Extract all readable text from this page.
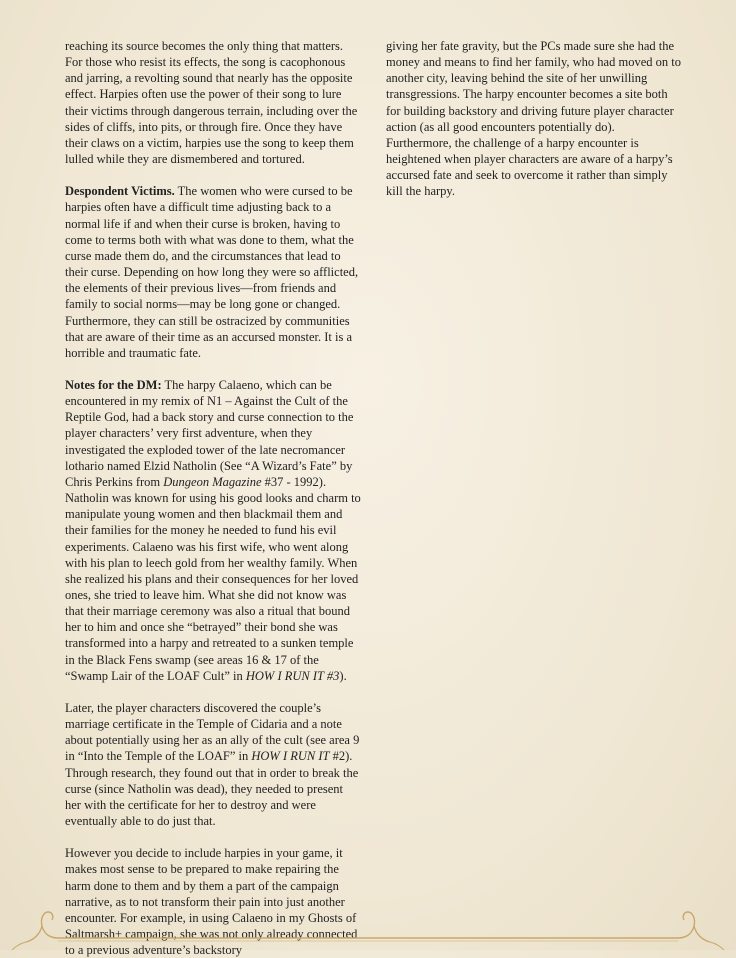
reaching its source becomes the only thing that matters. For those who resist its effects, the song is cacophonous and jarring, a revolting sound that nearly has the opposite effect. Harpies often use the power of their song to lure their victims through dangerous terrain, including over the sides of cliffs, into pits, or through fire. Once they have their claws on a victim, harpies use the song to keep them lulled while they are dismembered and tortured.

Despondent Victims. The women who were cursed to be harpies often have a difficult time adjusting back to a normal life if and when their curse is broken, having to come to terms both with what was done to them, what the curse made them do, and the circumstances that lead to their curse. Depending on how long they were so afflicted, the elements of their previous lives—from friends and family to social norms—may be long gone or changed. Furthermore, they can still be ostracized by communities that are aware of their time as an accursed monster. It is a horrible and traumatic fate.

Notes for the DM: The harpy Calaeno, which can be encountered in my remix of N1 – Against the Cult of the Reptile God, had a back story and curse connection to the player characters’ very first adventure, when they investigated the exploded tower of the late necromancer lothario named Elzid Natholin (See “A Wizard’s Fate” by Chris Perkins from Dungeon Magazine #37 - 1992). Natholin was known for using his good looks and charm to manipulate young women and then blackmail them and their families for the money he needed to fund his evil experiments. Calaeno was his first wife, who went along with his plan to leech gold from her wealthy family. When she realized his plans and their consequences for her loved ones, she tried to leave him. What she did not know was that their marriage ceremony was also a ritual that bound her to him and once she “betrayed” their bond she was transformed into a harpy and retreated to a sunken temple in the Black Fens swamp (see areas 16 & 17 of the “Swamp Lair of the LOAF Cult” in HOW I RUN IT #3).

Later, the player characters discovered the couple’s marriage certificate in the Temple of Cidaria and a note about potentially using her as an ally of the cult (see area 9 in “Into the Temple of the LOAF” in HOW I RUN IT #2). Through research, they found out that in order to break the curse (since Natholin was dead), they needed to present her with the certificate for her to destroy and were eventually able to do just that.

However you decide to include harpies in your game, it makes most sense to be prepared to make repairing the harm done to them and by them a part of the campaign narrative, as to not transform their pain into just another encounter. For example, in using Calaeno in my Ghosts of Saltmarsh+ campaign, she was not only already connected to a previous adventure’s backstory

giving her fate gravity, but the PCs made sure she had the money and means to find her family, who had moved on to another city, leaving behind the site of her unwilling transgressions. The harpy encounter becomes a site both for building backstory and driving future player character action (as all good encounters potentially do). Furthermore, the challenge of a harpy encounter is heightened when player characters are aware of a harpy’s accursed fate and seek to overcome it rather than simply kill the harpy.
